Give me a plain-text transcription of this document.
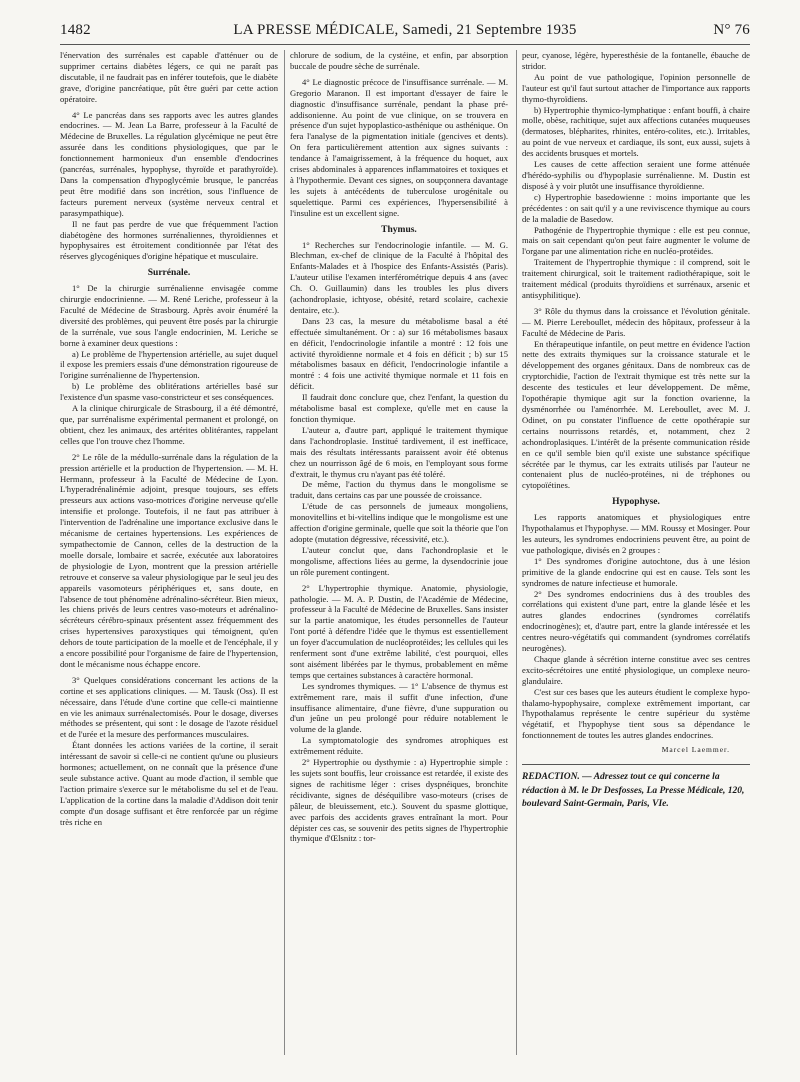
1482	LA PRESSE MÉDICALE, Samedi, 21 Septembre 1935	N° 76

l'énervation des surrénales est capable d'atténuer ou de supprimer certains diabètes légers, ce qui ne paraît pas discutable, il ne faudrait pas en inférer toutefois, que le diabète grave, d'origine pancréatique, pût être guéri par cette action opératoire.

4° Le pancréas dans ses rapports avec les autres glandes endocrines. — M. Jean La Barre, professeur à la Faculté de Médecine de Bruxelles. La régulation glycémique ne peut être assurée dans les conditions physiologiques, que par le fonctionnement harmonieux d'un ensemble d'endocrines (pancréas, surrénales, hypophyse, thyroïde et parathyroïde). Dans la compensation d'hypoglycémie brusque, le pancréas peut être modifié dans son incrétion, sous l'influence de facteurs purement nerveux (système nerveux central et parasympathique).

Il ne faut pas perdre de vue que fréquemment l'action diabétogène des hormones surrénaliennes, thyroïdiennes et hypophysaires est étroitement conditionnée par l'état des réserves glycogéniques d'origine hépatique et musculaire.

Surrénale.

1° De la chirurgie surrénalienne envisagée comme chirurgie endocrinienne. — M. René Leriche, professeur à la Faculté de Médecine de Strasbourg. Après avoir énuméré la diversité des problèmes, qui peuvent être posés par la chirurgie de la surrénale, vue sous l'angle endocrinien, M. Leriche se borne à examiner deux questions :

a) Le problème de l'hypertension artérielle, au sujet duquel il expose les premiers essais d'une démonstration rigoureuse de l'origine surrénalienne de l'hypertension.

b) Le problème des oblitérations artérielles basé sur l'existence d'un spasme vaso-constricteur et ses conséquences.

A la clinique chirurgicale de Strasbourg, il a été démontré, que, par surrénalisme expérimental permanent et prolongé, on obtient, chez les animaux, des artérites oblitérantes, rappelant celles que l'on trouve chez l'homme.

2° Le rôle de la médullo-surrénale dans la régulation de la pression artérielle et la production de l'hypertension. — M. H. Hermann, professeur à la Faculté de Médecine de Lyon. L'hyperadrénalinémie adjoint, presque toujours, ses effets presseurs aux actions vaso-motrices d'origine nerveuse qu'elle intensifie et prolonge. Toutefois, il ne faut pas attribuer à l'intervention de l'adrénaline une importance exclusive dans le mécanisme de certaines hypertensions. Les expériences de sympathectomie de Cannon, celles de la destruction de la moelle dorsale, lombaire et sacrée, exécutée aux laboratoires de physiologie de Lyon, montrent que la pression artérielle retrouve et conserve sa valeur physiologique par le seul jeu des appareils vasomoteurs périphériques et, sans doute, en l'absence de tout phénomène adrénalino-sécréteur. Bien mieux, les chiens privés de leurs centres vaso-moteurs et adrénalino-sécréteurs cérébro-spinaux présentent assez fréquemment des crises hypertensives paroxystiques qui témoignent, qu'en dehors de toute participation de la moelle et de l'encéphale, il y a encore possibilité pour l'organisme de faire de l'hypertension, dont le mécanisme nous échappe encore.

3° Quelques considérations concernant les actions de la cortine et ses applications cliniques. — M. Tausk (Oss). Il est nécessaire, dans l'étude d'une cortine que celle-ci maintienne en vie les animaux surrénalectomisés. Pour le dosage, diverses méthodes se présentent, qui sont : le dosage de l'azote résiduel et de l'urée et la mesure des performances musculaires.

Étant données les actions variées de la cortine, il serait intéressant de savoir si celle-ci ne contient qu'une ou plusieurs hormones; actuellement, on ne connaît que la présence d'une seule substance active. Quant au mode d'action, il semble que l'action primaire s'exerce sur le métabolisme du sel et de l'eau. L'application de la cortine dans la maladie d'Addison doit tenir compte d'un dosage suffisant et être renforcée par un régime très riche en

chlorure de sodium, de la cystéine, et enfin, par absorption buccale de poudre sèche de surrénale.

4° Le diagnostic précoce de l'insuffisance surrénale. — M. Gregorio Maranon. Il est important d'essayer de faire le diagnostic d'insuffisance surrénale, pendant la phase pré-addisonienne. Au point de vue clinique, on se trouvera en présence d'un sujet hypoplastico-asthénique ou asthénique. On fera l'analyse de la pigmentation initiale (gencives et dents). On fera particulièrement attention aux signes suivants : tendance à l'amaigrissement, à la fréquence du hoquet, aux crises abdominales à apparences inflammatoires et toxiques et à l'hypothermie. Devant ces signes, on soupçonnera davantage les sujets à antécédents de tuberculose urogénitale ou squelettique. Parmi ces expériences, l'hypersensibilité à l'insuline est un excellent signe.

Thymus.

1° Recherches sur l'endocrinologie infantile. — M. G. Blechman, ex-chef de clinique de la Faculté à l'hôpital des Enfants-Malades et à l'hospice des Enfants-Assistés (Paris). L'auteur utilise l'examen interférométrique depuis 4 ans (avec Ch. O. Guillaumin) dans les troubles les plus divers (achondroplasie, ichtyose, obésité, retard scolaire, cachexie dentaire, etc.).

Dans 23 cas, la mesure du métabolisme basal a été effectuée simultanément. Or : a) sur 16 métabolismes basaux en déficit, l'endocrinologie infantile a montré : 12 fois une activité thyroïdienne normale et 4 fois en déficit ; b) sur 15 métabolismes basaux en déficit, l'endocrinologie infantile a montré : 4 fois une activité thymique normale et 11 fois en déficit.

Il faudrait donc conclure que, chez l'enfant, la question du métabolisme basal est complexe, qu'elle met en cause la fonction thymique.

L'auteur a, d'autre part, appliqué le traitement thymique dans l'achondroplasie. Institué tardivement, il est inefficace, mais des résultats intéressants paraissent avoir été obtenus chez un nourrisson âgé de 6 mois, en l'employant sous forme d'extrait, le thymus cru n'ayant pas été toléré.

De même, l'action du thymus dans le mongolisme se traduit, dans certains cas par une poussée de croissance.

L'étude de cas personnels de jumeaux mongoliens, monovitellins et bi-vitellins indique que le mongolisme est une affection d'origine germinale, quelle que soit la théorie que l'on adopte (mutation dégressive, récessivité, etc.).

L'auteur conclut que, dans l'achondroplasie et le mongolisme, affections liées au germe, la dysendocrinie joue un rôle purement contingent.

2° L'hypertrophie thymique. Anatomie, physiologie, pathologie. — M. A. P. Dustin, de l'Académie de Médecine, professeur à la Faculté de Médecine de Bruxelles. Sans insister sur la partie anatomique, les études personnelles de l'auteur l'ont porté à défendre l'idée que le thymus est essentiellement un foyer d'accumulation de nucléoprotéides; les cellules qui les renferment sont d'une extrême labilité, c'est pourquoi, elles sont aisément libérées par le thymus, probablement en même temps que certaines substances à caractère hormonal.

Les syndromes thymiques. — 1° L'absence de thymus est extrêmement rare, mais il suffit d'une infection, d'une insuffisance alimentaire, d'une fièvre, d'une suppuration ou d'un jeûne un peu prolongé pour réduire notablement le volume de la glande.

La symptomatologie des syndromes atrophiques est extrêmement réduite.

2° Hypertrophie ou dysthymie : a) Hypertrophie simple : les sujets sont bouffis, leur croissance est retardée, il existe des signes de rachitisme léger : crises dyspnéiques, bronchite récidivante, signes de déséquilibre vaso-moteurs (crises de pâleur, de bleuissement, etc.). Souvent du spasme glottique, avec parfois des accidents graves entraînant la mort. Pour dépister ces cas, se souvenir des petits signes de l'hypertrophie thymique d'Œlsnitz : tor-

peur, cyanose, légère, hyperesthésie de la fontanelle, ébauche de stridor.

Au point de vue pathologique, l'opinion personnelle de l'auteur est qu'il faut surtout attacher de l'importance aux rapports thymo-thyroïdiens.

b) Hypertrophie thymico-lymphatique : enfant bouffi, à chaire molle, obèse, rachitique, sujet aux affections cutanées muqueuses (dermatoses, blépharites, rhinites, entéro-colites, etc.). Irritables, au point de vue nerveux et cardiaque, ils sont, eux aussi, sujets à des accidents brusques et mortels.

Les causes de cette affection seraient une forme atténuée d'hérédo-syphilis ou d'hypoplasie surrénalienne. M. Dustin est disposé à y voir plutôt une insuffisance thyroïdienne.

c) Hypertrophie basedowienne : moins importante que les précédentes : on sait qu'il y a une reviviscence thymique au cours de la maladie de Basedow.

Pathogénie de l'hypertrophie thymique : elle est peu connue, mais on sait cependant qu'on peut faire augmenter le volume de l'organe par une alimentation riche en nucléo-protéides.

Traitement de l'hypertrophie thymique : il comprend, soit le traitement chirurgical, soit le traitement radiothérapique, soit le traitement médical (produits thyroïdiens et surrénaux, arsenic et antisyphilitique).

3° Rôle du thymus dans la croissance et l'évolution génitale. — M. Pierre Lereboullet, médecin des hôpitaux, professeur à la Faculté de Médecine de Paris.

En thérapeutique infantile, on peut mettre en évidence l'action nette des extraits thymiques sur la croissance staturale et le développement des organes génitaux. Dans de nombreux cas de cryptorchidie, l'action de l'extrait thymique est très nette sur la descente des testicules et leur développement. De même, l'opothérapie thymique agit sur la fonction ovarienne, la dysménorrhée ou l'aménorrhée. M. Lereboullet, avec M. J. Odinet, on pu constater l'influence de cette opothérapie sur certains nourrissons retardés, et, notamment, chez 2 achondroplasiques. L'intérêt de la présente communication réside en ce qu'il semble bien qu'il existe une substance spécifique sécrétée par le thymus, car les extraits utilisés par l'auteur ne contenaient plus de nucléo-protéines, ni de tréphones ou cytopoïétines.

Hypophyse.

Les rapports anatomiques et physiologiques entre l'hypothalamus et l'hypophyse. — MM. Roussy et Mosinger. Pour les auteurs, les syndromes endocriniens peuvent être, au point de vue pathologique, divisés en 2 groupes :

1° Des syndromes d'origine autochtone, dus à une lésion primitive de la glande endocrine qui est en cause. Tels sont les syndromes de nature infectieuse et humorale.

2° Des syndromes endocriniens dus à des troubles des corrélations qui existent d'une part, entre la glande lésée et les autres glandes endocrines (syndromes corrélatifs endocrinogènes); et, d'autre part, entre la glande intéressée et les centres neuro-végétatifs qui commandent (syndromes corrélatifs neurogènes).

Chaque glande à sécrétion interne constitue avec ses centres excito-sécrétoires une entité physiologique, un complexe neuro-glandulaire.

C'est sur ces bases que les auteurs étudient le complexe hypo-thalamo-hypophysaire, complexe extrêmement important, car l'hypothalamus représente le centre supérieur du système végétatif, et l'hypophyse tient sous sa dépendance le fonctionnement de toutes les autres glandes endocrines.

Marcel Laemmer.
REDACTION. — Adressez tout ce qui concerne la rédaction à M. le Dr Desfosses, La Presse Médicale, 120, boulevard Saint-Germain, Paris, VIe.
